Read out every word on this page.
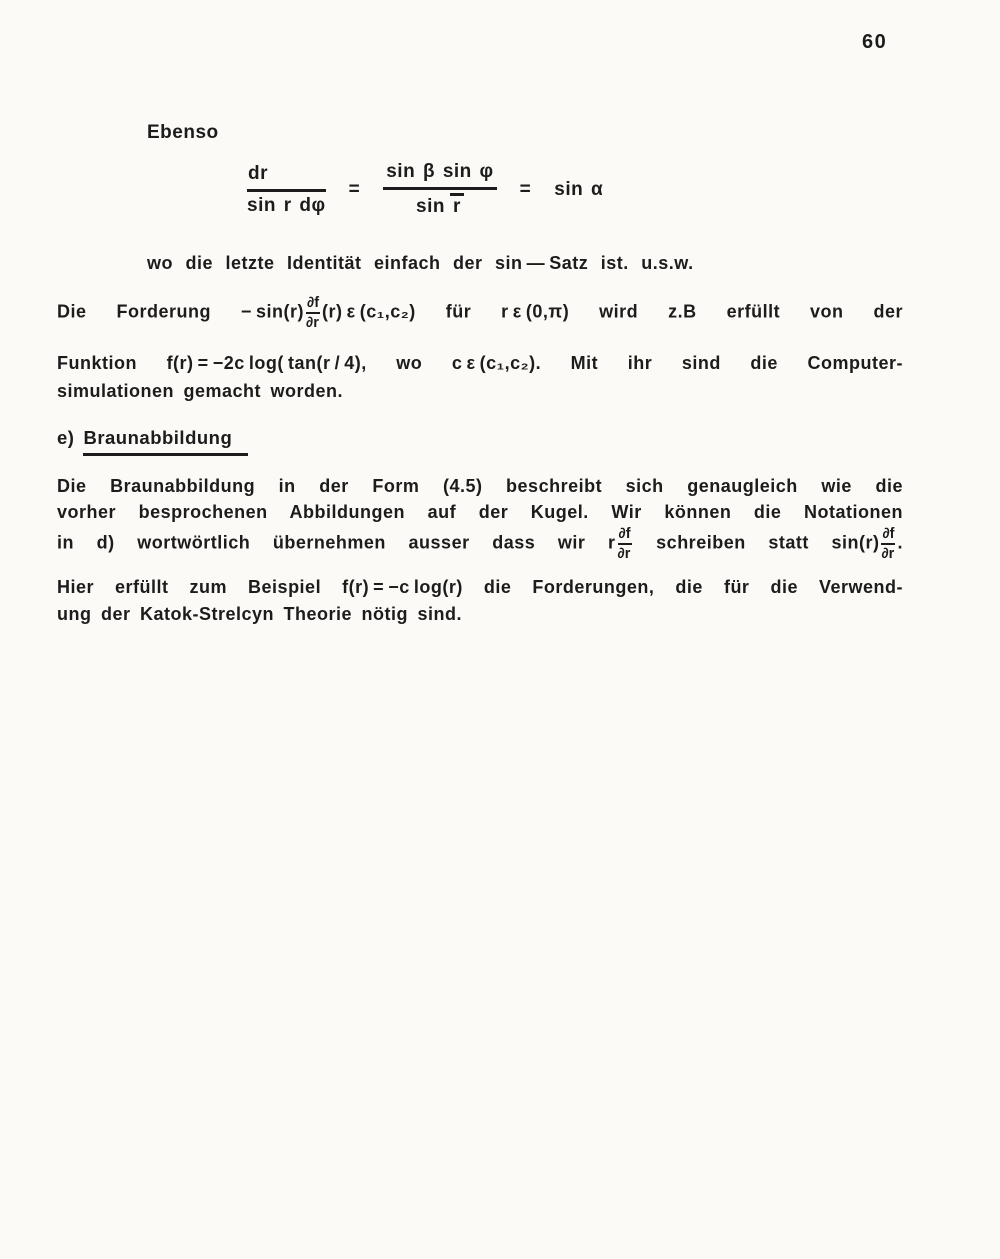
60
Ebenso
$\frac{dr}{\text{sin r dφ}} = \frac{\text{sin β sin φ}}{\text{sin r}} = \sin \alpha$
wo die letzte Identität einfach der sin — Satz ist. u.s.w.
Die Forderung − $\sin(r) \frac{\partial f}{\partial r} (r)$ ε (c₁,c₂) für r ε (0,π) wird z.B erfüllt von der
Funktion f(r) = −2c log( tan(r / 4), wo c ε (c₁,c₂). Mit ihr sind die Computer-
simulationen gemacht worden.
e) Braunabbildung
Die Braunabbildung in der Form (4.5) beschreibt sich genaugleich wie die
vorher besprochenen Abbildungen auf der Kugel. Wir können die Notationen
in d) wortwörtlich übernehmen ausser dass wir r $\frac{\partial f}{\partial r}$ schreiben statt $\sin(r) \frac{\partial f}{\partial r}$ .
Hier erfüllt zum Beispiel f(r) = −c log(r) die Forderungen, die für die Verwend-
ung der Katok-Strelcyn Theorie nötig sind.
